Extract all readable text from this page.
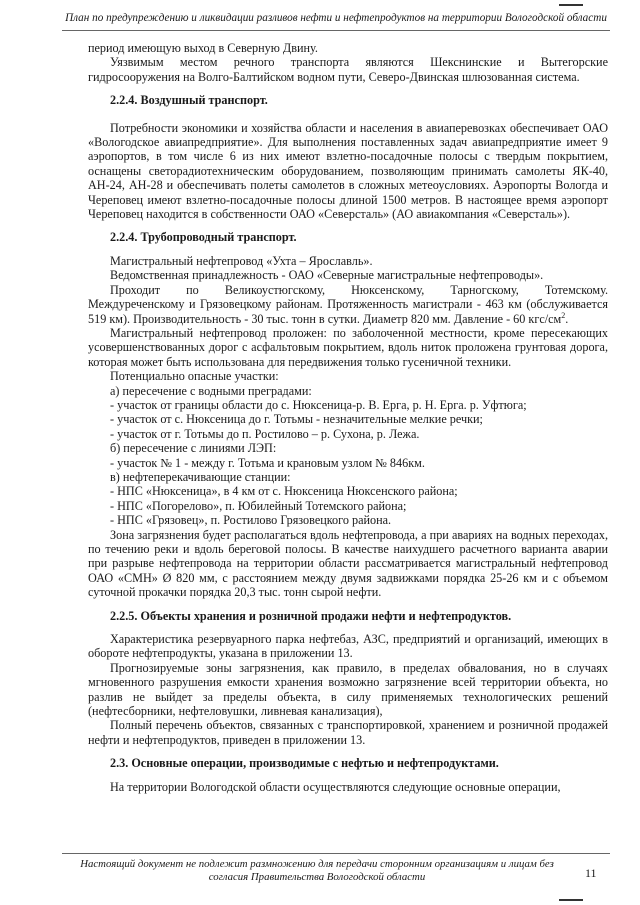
План по предупреждению и ликвидации разливов нефти и нефтепродуктов на территории Вологодской области

период имеющую выход в Северную Двину.

Уязвимым местом речного транспорта являются Шекснинские и Вытегорские гидросооружения на Волго-Балтийском водном пути, Северо-Двинская шлюзованная система.

2.2.4. Воздушный транспорт.

Потребности экономики и хозяйства области и населения в авиаперевозках обеспечивает ОАО «Вологодское авиапредприятие». Для выполнения поставленных задач авиапредприятие имеет 9 аэропортов, в том числе 6 из них имеют взлетно-посадочные полосы с твердым покрытием, оснащены светорадиотехническим оборудованием, позволяющим принимать самолеты ЯК-40, АН-24, АН-28 и обеспечивать полеты самолетов в сложных метеоусловиях. Аэропорты Вологда и Череповец имеют взлетно-посадочные полосы длиной 1500 метров. В настоящее время аэропорт Череповец находится в собственности ОАО «Северсталь» (АО авиакомпания «Северсталь»).

2.2.4. Трубопроводный транспорт.

Магистральный нефтепровод «Ухта – Ярославль».

Ведомственная принадлежность - ОАО «Северные магистральные нефтепроводы».

Проходит по Великоустюгскому, Нюксенскому, Тарногскому, Тотемскому.

Междуреченскому и Грязовецкому районам. Протяженность магистрали - 463 км (обслуживается 519 км). Производительность - 30 тыс. тонн в сутки. Диаметр 820 мм. Давление - 60 кгс/$см^2$.

Магистральный нефтепровод проложен: по заболоченной местности, кроме пересекающих усовершенствованных дорог с асфальтовым покрытием, вдоль ниток проложена грунтовая дорога, которая может быть использована для передвижения только гусеничной техники.

Потенциально опасные участки:

а) пересечение с водными преградами:

- участок от границы области до с. Нюксеница-р. В. Ерга, р. Н. Ерга. р. Уфтюга;

- участок от с. Нюксеница до г. Тотьмы - незначительные мелкие речки;

- участок от г. Тотьмы до п. Ростилово – р. Сухона, р. Лежа.

б) пересечение с линиями ЛЭП:

- участок № 1 - между г. Тотьма и крановым узлом № 846км.

в) нефтеперекачивающие станции:

- НПС «Нюксеница», в 4 км от с. Нюксеница Нюксенского района;

- НПС «Погорелово», п. Юбилейный Тотемского района;

- НПС «Грязовец», п. Ростилово Грязовецкого района.

Зона загрязнения будет располагаться вдоль нефтепровода, а при авариях на водных переходах, по течению реки и вдоль береговой полосы. В качестве наихудшего расчетного варианта аварии при разрыве нефтепровода на территории области рассматривается магистральный нефтепровод ОАО «СМН» Ø 820 мм, с расстоянием между двумя задвижками порядка 25-26 км и с объемом суточной прокачки порядка 20,3 тыс. тонн сырой нефти.

2.2.5. Объекты хранения и розничной продажи нефти и нефтепродуктов.

Характеристика резервуарного парка нефтебаз, АЗС, предприятий и организаций, имеющих в обороте нефтепродукты, указана в приложении 13.

Прогнозируемые зоны загрязнения, как правило, в пределах обвалования, но в случаях мгновенного разрушения емкости хранения возможно загрязнение всей территории объекта, но разлив не выйдет за пределы объекта, в силу применяемых технологических решений (нефтесборники, нефтеловушки, ливневая канализация),

Полный перечень объектов, связанных с транспортировкой, хранением и розничной продажей нефти и нефтепродуктов, приведен в приложении 13.

2.3. Основные операции, производимые с нефтью и нефтепродуктами.

На территории Вологодской области осуществляются следующие основные операции,

Настоящий документ не подлежит размножению для передачи сторонним организациям и лицам без согласия Правительства Вологодской области	11
